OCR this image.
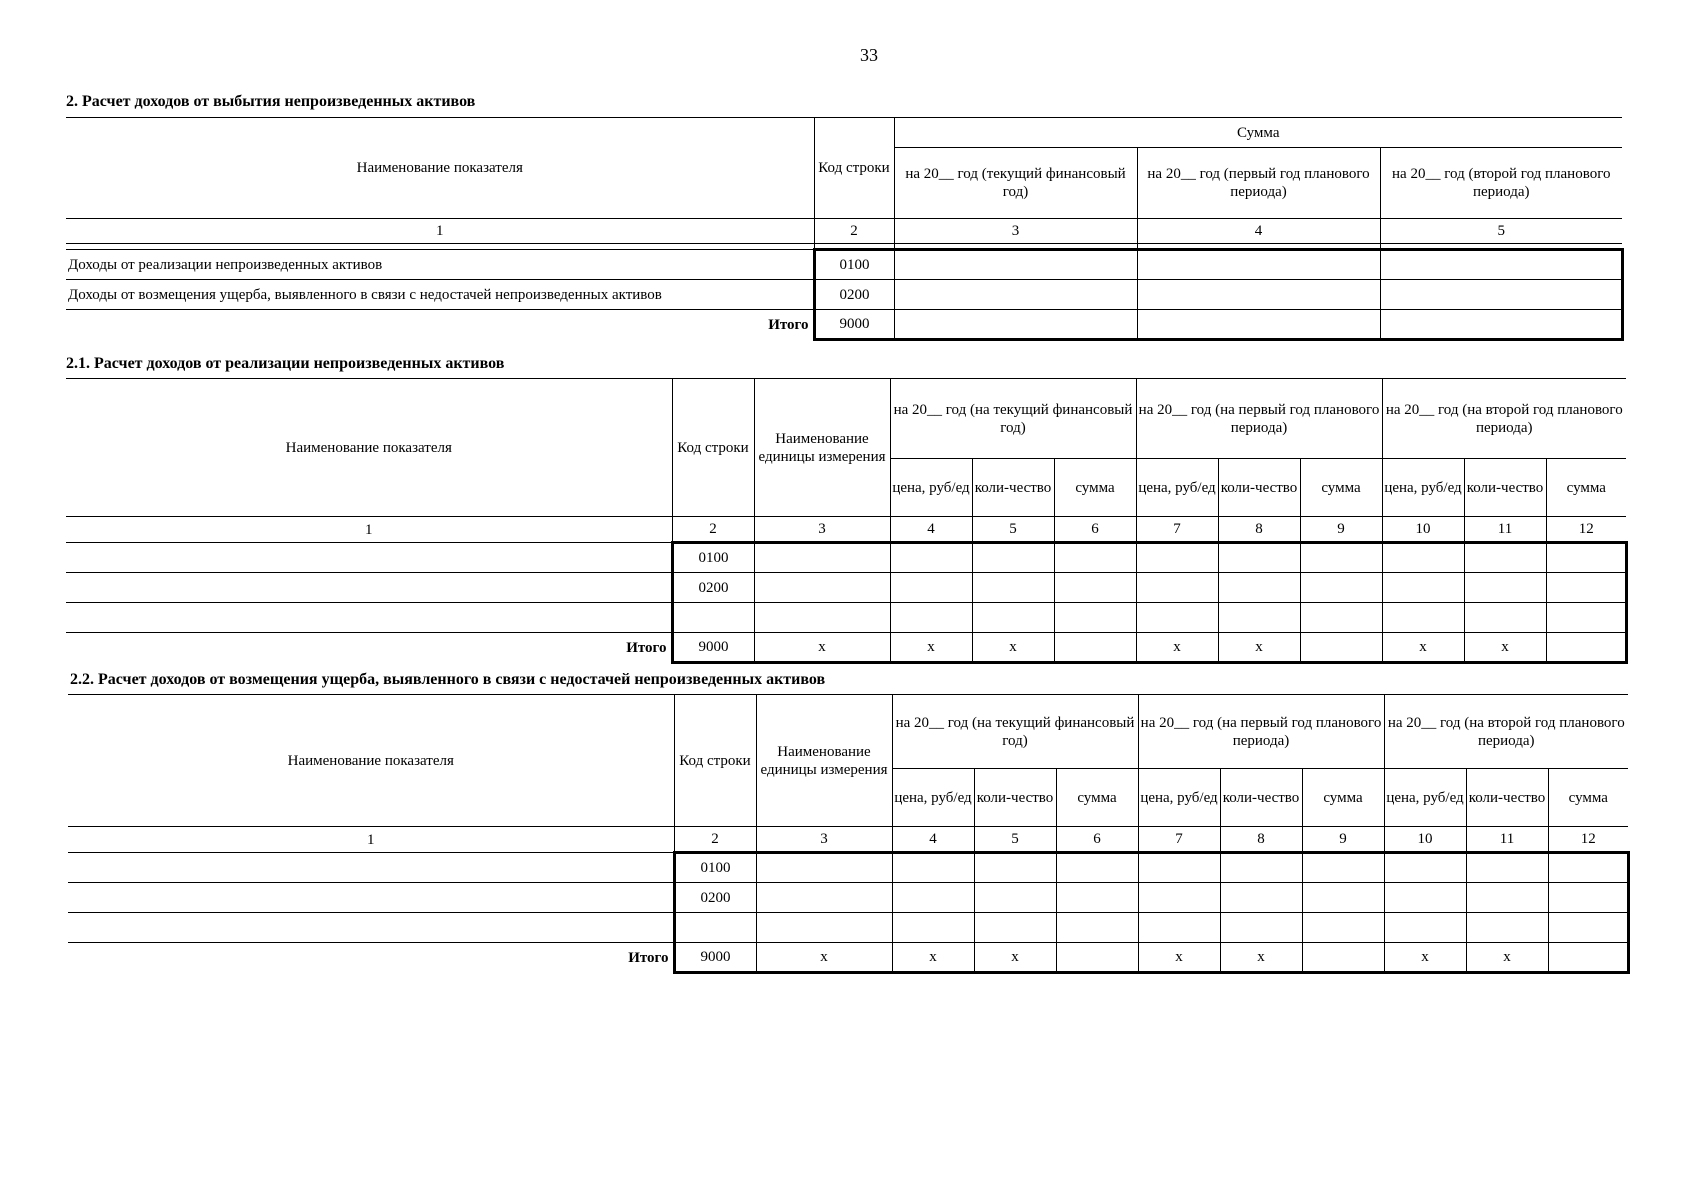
33
2. Расчет доходов от выбытия непроизведенных активов
Наименование показателя	Код строки	Сумма		
		на 20__ год (текущий финансовый год)	на 20__ год (первый год планового периода)	на 20__ год (второй год планового периода)
1	2	3	4	5

Доходы от реализации непроизведенных активов	0100			
Доходы от возмещения ущерба, выявленного в связи с недостачей непроизведенных активов	0200			
Итого	9000			
2.1. Расчет доходов от реализации непроизведенных активов
Наименование показателя	Код строки	Наименование единицы измерения	на 20__ год (на текущий финансовый год)			на 20__ год (на первый год планового периода)			на 20__ год (на второй год планового периода)		
			цена, руб/ед	коли-чество	сумма	цена, руб/ед	коли-чество	сумма	цена, руб/ед	коли-чество	сумма
1	2	3	4	5	6	7	8	9	10	11	12
	0100										
	0200										

Итого	9000	x	x	x		x	x		x	x	
2.2. Расчет доходов от возмещения ущерба, выявленного в связи с недостачей непроизведенных активов
Наименование показателя	Код строки	Наименование единицы измерения	на 20__ год (на текущий финансовый год)			на 20__ год (на первый год планового периода)			на 20__ год (на второй год планового периода)		
			цена, руб/ед	коли-чество	сумма	цена, руб/ед	коли-чество	сумма	цена, руб/ед	коли-чество	сумма
1	2	3	4	5	6	7	8	9	10	11	12
	0100										
	0200										

Итого	9000	x	x	x		x	x		x	x	
